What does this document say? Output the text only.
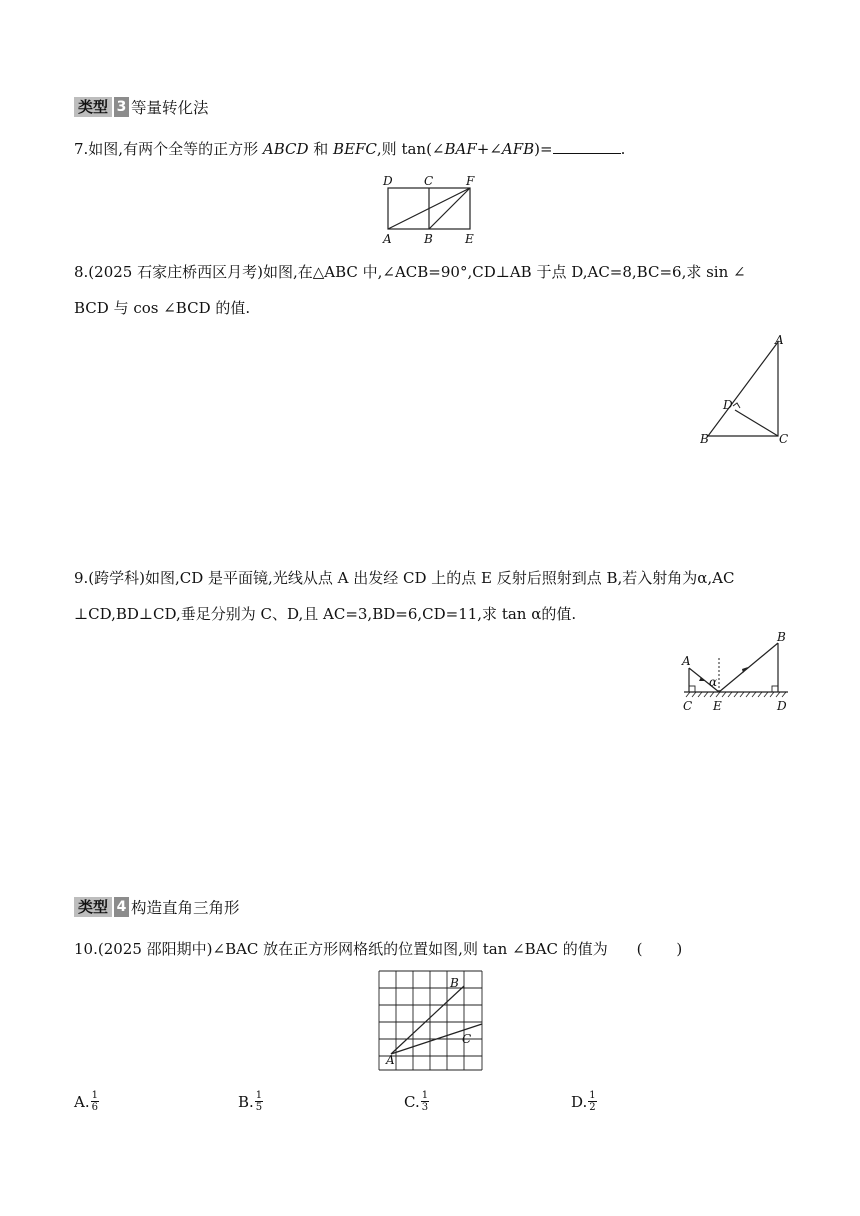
类型 3 等量转化法
7.如图,有两个全等的正方形 ABCD 和 BEFC,则 tan(∠BAF+∠AFB)=	.
D	C	F
A	B	E
8.(2025 石家庄桥西区月考)如图,在△ABC 中,∠ACB=90°,CD⊥AB 于点 D,AC=8,BC=6,求 sin ∠
BCD 与 cos ∠BCD 的值.
A
D
B	C
9.(跨学科)如图,CD 是平面镜,光线从点 A 出发经 CD 上的点 E 反射后照射到点 B,若入射角为α,AC
⊥CD,BD⊥CD,垂足分别为 C、D,且 AC=3,BD=6,CD=11,求 tan α的值.
A
B
α
C E	D
类型 4 构造直角三角形
10.(2025 邵阳期中)∠BAC 放在正方形网格纸的位置如图,则 tan ∠BAC 的值为 ( )
A
B
C
A. $\frac{1}{6}$	B. $\frac{1}{5}$	C. $\frac{1}{3}$	D. $\frac{1}{2}$
